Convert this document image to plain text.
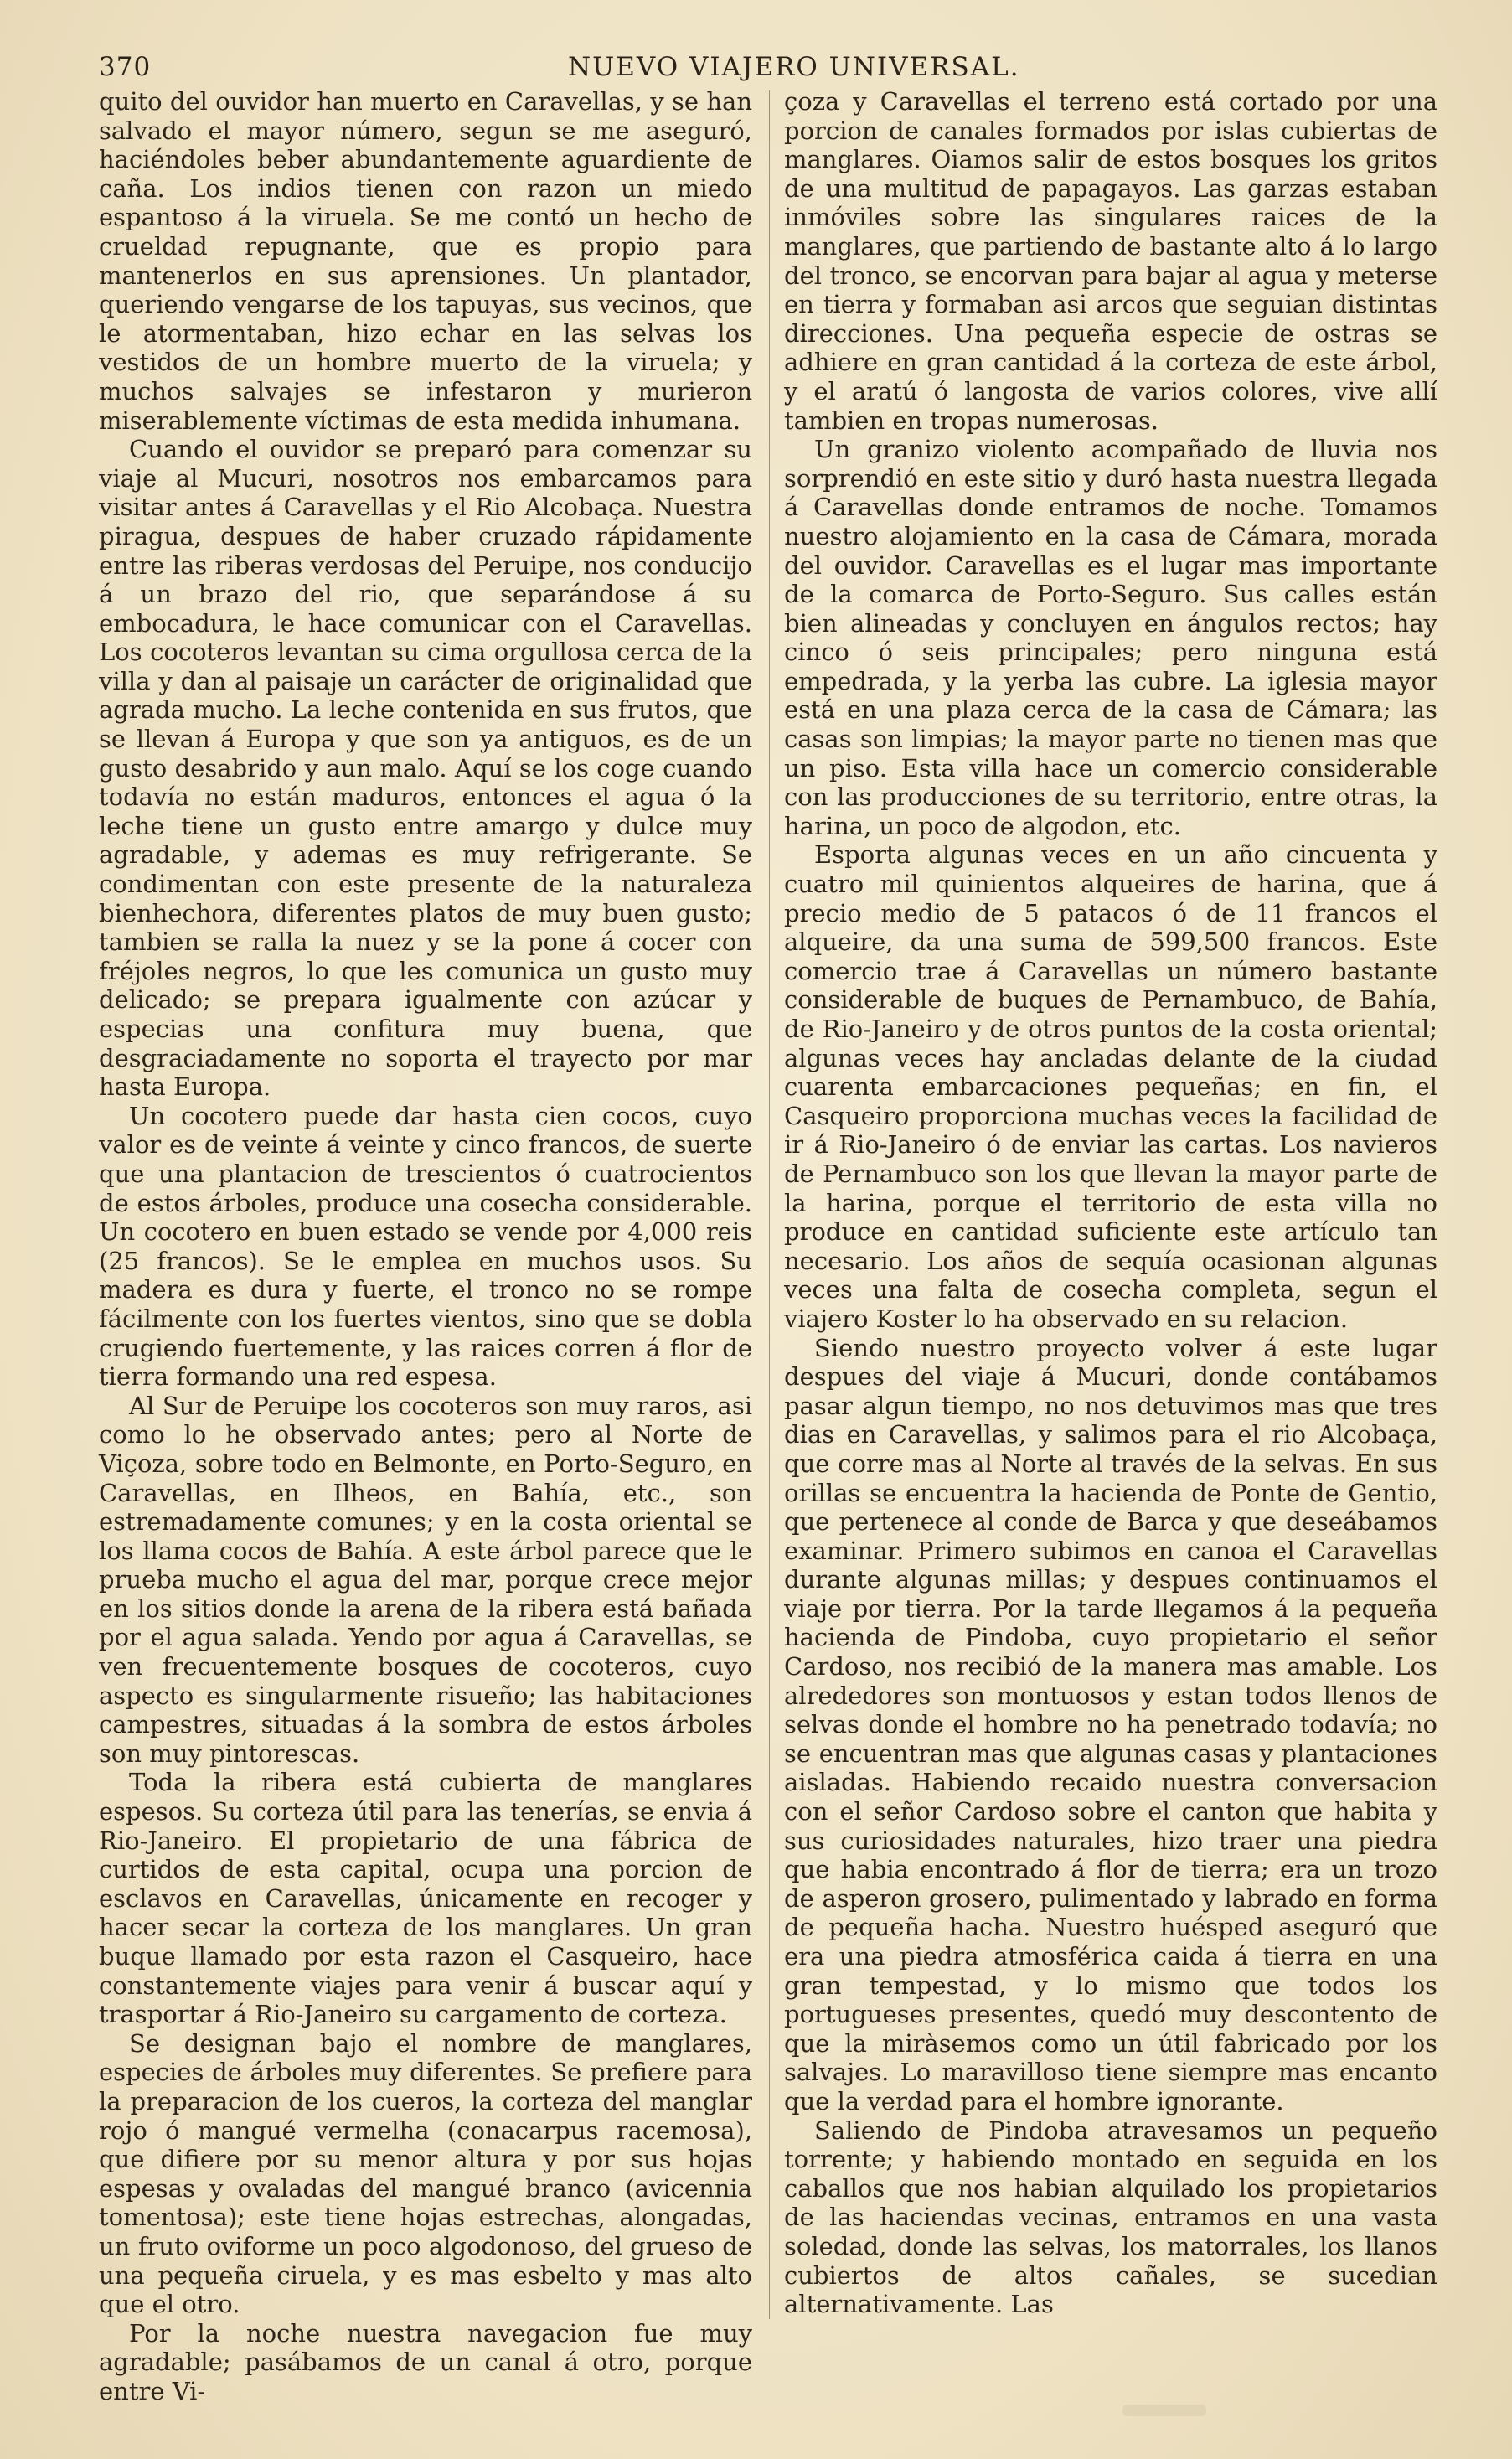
370	NUEVO VIAJERO UNIVERSAL.

quito del ouvidor han muerto en Caravellas, y se han salvado el mayor número, segun se me aseguró, haciéndoles beber abundantemente aguardiente de caña. Los indios tienen con razon un miedo espantoso á la viruela. Se me contó un hecho de crueldad repugnante, que es propio para mantenerlos en sus aprensiones. Un plantador, queriendo vengarse de los tapuyas, sus vecinos, que le atormentaban, hizo echar en las selvas los vestidos de un hombre muerto de la viruela; y muchos salvajes se infestaron y murieron miserablemente víctimas de esta medida inhumana.

Cuando el ouvidor se preparó para comenzar su viaje al Mucuri, nosotros nos embarcamos para visitar antes á Caravellas y el Rio Alcobaça. Nuestra piragua, despues de haber cruzado rápidamente entre las riberas verdosas del Peruipe, nos conducijo á un brazo del rio, que separándose á su embocadura, le hace comunicar con el Caravellas. Los cocoteros levantan su cima orgullosa cerca de la villa y dan al paisaje un carácter de originalidad que agrada mucho. La leche contenida en sus frutos, que se llevan á Europa y que son ya antiguos, es de un gusto desabrido y aun malo. Aquí se los coge cuando todavía no están maduros, entonces el agua ó la leche tiene un gusto entre amargo y dulce muy agradable, y ademas es muy refrigerante. Se condimentan con este presente de la naturaleza bienhechora, diferentes platos de muy buen gusto; tambien se ralla la nuez y se la pone á cocer con fréjoles negros, lo que les comunica un gusto muy delicado; se prepara igualmente con azúcar y especias una confitura muy buena, que desgraciadamente no soporta el trayecto por mar hasta Europa.

Un cocotero puede dar hasta cien cocos, cuyo valor es de veinte á veinte y cinco francos, de suerte que una plantacion de trescientos ó cuatrocientos de estos árboles, produce una cosecha considerable. Un cocotero en buen estado se vende por 4,000 reis (25 francos). Se le emplea en muchos usos. Su madera es dura y fuerte, el tronco no se rompe fácilmente con los fuertes vientos, sino que se dobla crugiendo fuertemente, y las raices corren á flor de tierra formando una red espesa.

Al Sur de Peruipe los cocoteros son muy raros, asi como lo he observado antes; pero al Norte de Viçoza, sobre todo en Belmonte, en Porto-Seguro, en Caravellas, en Ilheos, en Bahía, etc., son estremadamente comunes; y en la costa oriental se los llama cocos de Bahía. A este árbol parece que le prueba mucho el agua del mar, porque crece mejor en los sitios donde la arena de la ribera está bañada por el agua salada. Yendo por agua á Caravellas, se ven frecuentemente bosques de cocoteros, cuyo aspecto es singularmente risueño; las habitaciones campestres, situadas á la sombra de estos árboles son muy pintorescas.

Toda la ribera está cubierta de manglares espesos. Su corteza útil para las tenerías, se envia á Rio-Janeiro. El propietario de una fábrica de curtidos de esta capital, ocupa una porcion de esclavos en Caravellas, únicamente en recoger y hacer secar la corteza de los manglares. Un gran buque llamado por esta razon el Casqueiro, hace constantemente viajes para venir á buscar aquí y trasportar á Rio-Janeiro su cargamento de corteza.

Se designan bajo el nombre de manglares, especies de árboles muy diferentes. Se prefiere para la preparacion de los cueros, la corteza del manglar rojo ó mangué vermelha (conacarpus racemosa), que difiere por su menor altura y por sus hojas espesas y ovaladas del mangué branco (avicennia tomentosa); este tiene hojas estrechas, alongadas, un fruto oviforme un poco algodonoso, del grueso de una pequeña ciruela, y es mas esbelto y mas alto que el otro.

Por la noche nuestra navegacion fue muy agradable; pasábamos de un canal á otro, porque entre Vi-

çoza y Caravellas el terreno está cortado por una porcion de canales formados por islas cubiertas de manglares. Oiamos salir de estos bosques los gritos de una multitud de papagayos. Las garzas estaban inmóviles sobre las singulares raices de la manglares, que partiendo de bastante alto á lo largo del tronco, se encorvan para bajar al agua y meterse en tierra y formaban asi arcos que seguian distintas direcciones. Una pequeña especie de ostras se adhiere en gran cantidad á la corteza de este árbol, y el aratú ó langosta de varios colores, vive allí tambien en tropas numerosas.

Un granizo violento acompañado de lluvia nos sorprendió en este sitio y duró hasta nuestra llegada á Caravellas donde entramos de noche. Tomamos nuestro alojamiento en la casa de Cámara, morada del ouvidor. Caravellas es el lugar mas importante de la comarca de Porto-Seguro. Sus calles están bien alineadas y concluyen en ángulos rectos; hay cinco ó seis principales; pero ninguna está empedrada, y la yerba las cubre. La iglesia mayor está en una plaza cerca de la casa de Cámara; las casas son limpias; la mayor parte no tienen mas que un piso. Esta villa hace un comercio considerable con las producciones de su territorio, entre otras, la harina, un poco de algodon, etc.

Esporta algunas veces en un año cincuenta y cuatro mil quinientos alqueires de harina, que á precio medio de 5 patacos ó de 11 francos el alqueire, da una suma de 599,500 francos. Este comercio trae á Caravellas un número bastante considerable de buques de Pernambuco, de Bahía, de Rio-Janeiro y de otros puntos de la costa oriental; algunas veces hay ancladas delante de la ciudad cuarenta embarcaciones pequeñas; en fin, el Casqueiro proporciona muchas veces la facilidad de ir á Rio-Janeiro ó de enviar las cartas. Los navieros de Pernambuco son los que llevan la mayor parte de la harina, porque el territorio de esta villa no produce en cantidad suficiente este artículo tan necesario. Los años de sequía ocasionan algunas veces una falta de cosecha completa, segun el viajero Koster lo ha observado en su relacion.

Siendo nuestro proyecto volver á este lugar despues del viaje á Mucuri, donde contábamos pasar algun tiempo, no nos detuvimos mas que tres dias en Caravellas, y salimos para el rio Alcobaça, que corre mas al Norte al través de la selvas. En sus orillas se encuentra la hacienda de Ponte de Gentio, que pertenece al conde de Barca y que deseábamos examinar. Primero subimos en canoa el Caravellas durante algunas millas; y despues continuamos el viaje por tierra. Por la tarde llegamos á la pequeña hacienda de Pindoba, cuyo propietario el señor Cardoso, nos recibió de la manera mas amable. Los alrededores son montuosos y estan todos llenos de selvas donde el hombre no ha penetrado todavía; no se encuentran mas que algunas casas y plantaciones aisladas. Habiendo recaido nuestra conversacion con el señor Cardoso sobre el canton que habita y sus curiosidades naturales, hizo traer una piedra que habia encontrado á flor de tierra; era un trozo de asperon grosero, pulimentado y labrado en forma de pequeña hacha. Nuestro huésped aseguró que era una piedra atmosférica caida á tierra en una gran tempestad, y lo mismo que todos los portugueses presentes, quedó muy descontento de que la miràsemos como un útil fabricado por los salvajes. Lo maravilloso tiene siempre mas encanto que la verdad para el hombre ignorante.

Saliendo de Pindoba atravesamos un pequeño torrente; y habiendo montado en seguida en los caballos que nos habian alquilado los propietarios de las haciendas vecinas, entramos en una vasta soledad, donde las selvas, los matorrales, los llanos cubiertos de altos cañales, se sucedian alternativamente. Las
